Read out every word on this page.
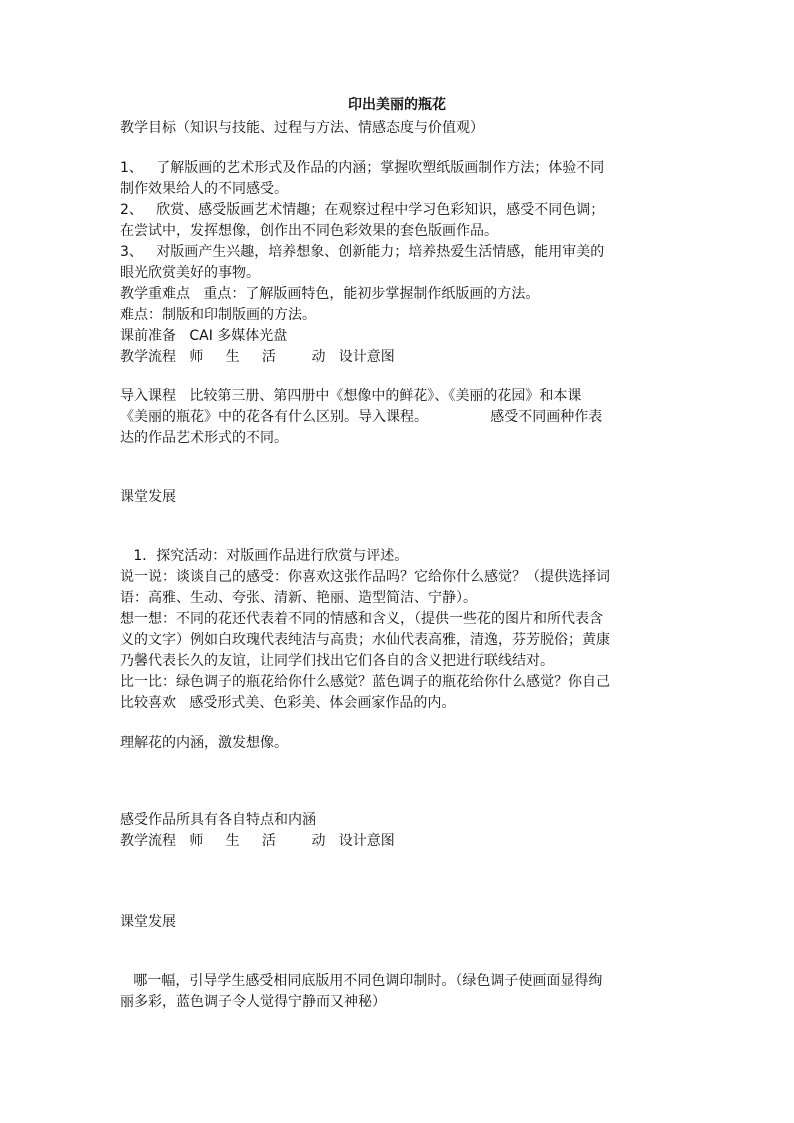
印出美丽的瓶花
教学目标（知识与技能、过程与方法、情感态度与价值观）
1、   了解版画的艺术形式及作品的内涵；掌握吹塑纸版画制作方法；体验不同
制作效果给人的不同感受。
2、   欣赏、感受版画艺术情趣；在观察过程中学习色彩知识，感受不同色调；
在尝试中，发挥想像，创作出不同色彩效果的套色版画作品。
3、   对版画产生兴趣，培养想象、创新能力；培养热爱生活情感，能用审美的
眼光欣赏美好的事物。
教学重难点   重点：了解版画特色，能初步掌握制作纸版画的方法。
难点：制版和印制版画的方法。
课前准备   CAI 多媒体光盘
教学流程   师     生     活        动   设计意图
导入课程   比较第三册、第四册中《想像中的鲜花》、《美丽的花园》和本课
《美丽的瓶花》中的花各有什么区别。导入课程。              感受不同画种作表
达的作品艺术形式的不同。
课堂发展
1．探究活动：对版画作品进行欣赏与评述。
说一说：谈谈自己的感受：你喜欢这张作品吗？它给你什么感觉？（提供选择词
语：高雅、生动、夸张、清新、艳丽、造型简洁、宁静）。
想一想：不同的花还代表着不同的情感和含义，（提供一些花的图片和所代表含
义的文字）例如白玫瑰代表纯洁与高贵；水仙代表高雅，清逸，芬芳脱俗；黄康
乃馨代表长久的友谊，让同学们找出它们各自的含义把进行联线结对。
比一比：绿色调子的瓶花给你什么感觉？蓝色调子的瓶花给你什么感觉？你自己
比较喜欢   感受形式美、色彩美、体会画家作品的内。
理解花的内涵，激发想像。
感受作品所具有各自特点和内涵
教学流程   师     生     活        动   设计意图
课堂发展
哪一幅，引导学生感受相同底版用不同色调印制时。（绿色调子使画面显得绚
丽多彩，蓝色调子令人觉得宁静而又神秘）
